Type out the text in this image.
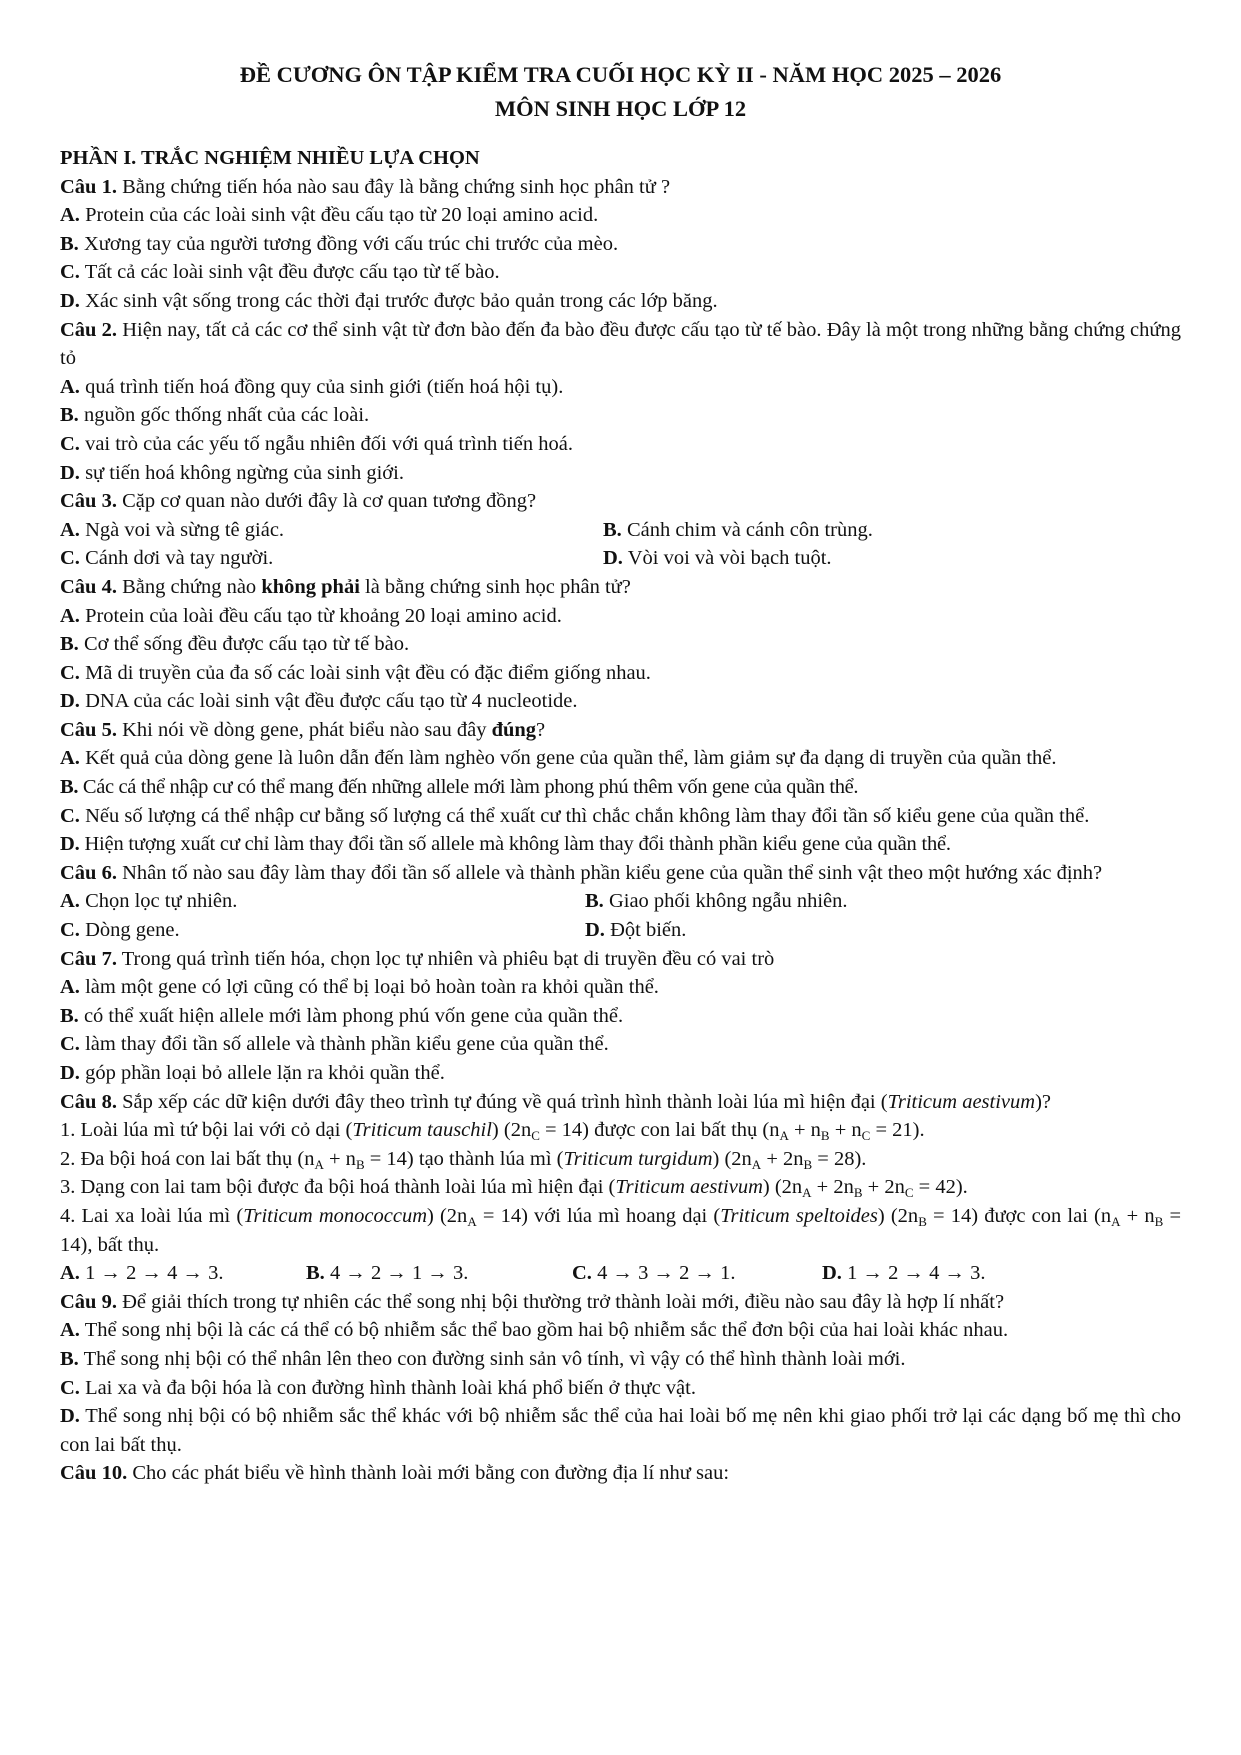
ĐỀ CƯƠNG ÔN TẬP KIỂM TRA CUỐI HỌC KỲ II - NĂM HỌC 2025 – 2026
MÔN SINH HỌC LỚP 12
PHẦN I. TRẮC NGHIỆM NHIỀU LỰA CHỌN
Câu 1. Bằng chứng tiến hóa nào sau đây là bằng chứng sinh học phân tử ?
A. Protein của các loài sinh vật đều cấu tạo từ 20 loại amino acid.
B. Xương tay của người tương đồng với cấu trúc chi trước của mèo.
C. Tất cả các loài sinh vật đều được cấu tạo từ tế bào.
D. Xác sinh vật sống trong các thời đại trước được bảo quản trong các lớp băng.
Câu 2. Hiện nay, tất cả các cơ thể sinh vật từ đơn bào đến đa bào đều được cấu tạo từ tế bào. Đây là một trong những bằng chứng chứng tỏ
A. quá trình tiến hoá đồng quy của sinh giới (tiến hoá hội tụ).
B. nguồn gốc thống nhất của các loài.
C. vai trò của các yếu tố ngẫu nhiên đối với quá trình tiến hoá.
D. sự tiến hoá không ngừng của sinh giới.
Câu 3. Cặp cơ quan nào dưới đây là cơ quan tương đồng?
A. Ngà voi và sừng tê giác.	B. Cánh chim và cánh côn trùng.
C. Cánh dơi và tay người.	D. Vòi voi và vòi bạch tuột.
Câu 4. Bằng chứng nào không phải là bằng chứng sinh học phân tử?
A. Protein của loài đều cấu tạo từ khoảng 20 loại amino acid.
B. Cơ thể sống đều được cấu tạo từ tế bào.
C. Mã di truyền của đa số các loài sinh vật đều có đặc điểm giống nhau.
D. DNA của các loài sinh vật đều được cấu tạo từ 4 nucleotide.
Câu 5. Khi nói về dòng gene, phát biểu nào sau đây đúng?
A. Kết quả của dòng gene là luôn dẫn đến làm nghèo vốn gene của quần thể, làm giảm sự đa dạng di truyền của quần thể.
B. Các cá thể nhập cư có thể mang đến những allele mới làm phong phú thêm vốn gene của quần thể.
C. Nếu số lượng cá thể nhập cư bằng số lượng cá thể xuất cư thì chắc chắn không làm thay đổi tần số kiểu gene của quần thể.
D. Hiện tượng xuất cư chỉ làm thay đổi tần số allele mà không làm thay đổi thành phần kiểu gene của quần thể.
Câu 6. Nhân tố nào sau đây làm thay đổi tần số allele và thành phần kiểu gene của quần thể sinh vật theo một hướng xác định?
A. Chọn lọc tự nhiên.	B. Giao phối không ngẫu nhiên.
C. Dòng gene.	D. Đột biến.
Câu 7. Trong quá trình tiến hóa, chọn lọc tự nhiên và phiêu bạt di truyền đều có vai trò
A. làm một gene có lợi cũng có thể bị loại bỏ hoàn toàn ra khỏi quần thể.
B. có thể xuất hiện allele mới làm phong phú vốn gene của quần thể.
C. làm thay đổi tần số allele và thành phần kiểu gene của quần thể.
D. góp phần loại bỏ allele lặn ra khỏi quần thể.
Câu 8. Sắp xếp các dữ kiện dưới đây theo trình tự đúng về quá trình hình thành loài lúa mì hiện đại (Triticum aestivum)?
1. Loài lúa mì tứ bội lai với cỏ dại (Triticum tauschil) $(2n_C = 14)$ được con lai bất thụ $(n_A + n_B + n_C = 21)$.
2. Đa bội hoá con lai bất thụ $(n_A + n_B = 14)$ tạo thành lúa mì (Triticum turgidum) $(2n_A + 2n_B = 28)$.
3. Dạng con lai tam bội được đa bội hoá thành loài lúa mì hiện đại (Triticum aestivum) $(2n_A + 2n_B + 2n_C = 42)$.
4. Lai xa loài lúa mì (Triticum monococcum) $(2n_A = 14)$ với lúa mì hoang dại (Triticum speltoides) $(2n_B = 14)$ được con lai $(n_A + n_B = 14)$, bất thụ.
A. 1 → 2 → 4 → 3.	B. 4 → 2 → 1 → 3.	C. 4 → 3 → 2 → 1.	D. 1 → 2 → 4 → 3.
Câu 9. Để giải thích trong tự nhiên các thể song nhị bội thường trở thành loài mới, điều nào sau đây là hợp lí nhất?
A. Thể song nhị bội là các cá thể có bộ nhiễm sắc thể bao gồm hai bộ nhiễm sắc thể đơn bội của hai loài khác nhau.
B. Thể song nhị bội có thể nhân lên theo con đường sinh sản vô tính, vì vậy có thể hình thành loài mới.
C. Lai xa và đa bội hóa là con đường hình thành loài khá phổ biến ở thực vật.
D. Thể song nhị bội có bộ nhiễm sắc thể khác với bộ nhiễm sắc thể của hai loài bố mẹ nên khi giao phối trở lại các dạng bố mẹ thì cho con lai bất thụ.
Câu 10. Cho các phát biểu về hình thành loài mới bằng con đường địa lí như sau:
